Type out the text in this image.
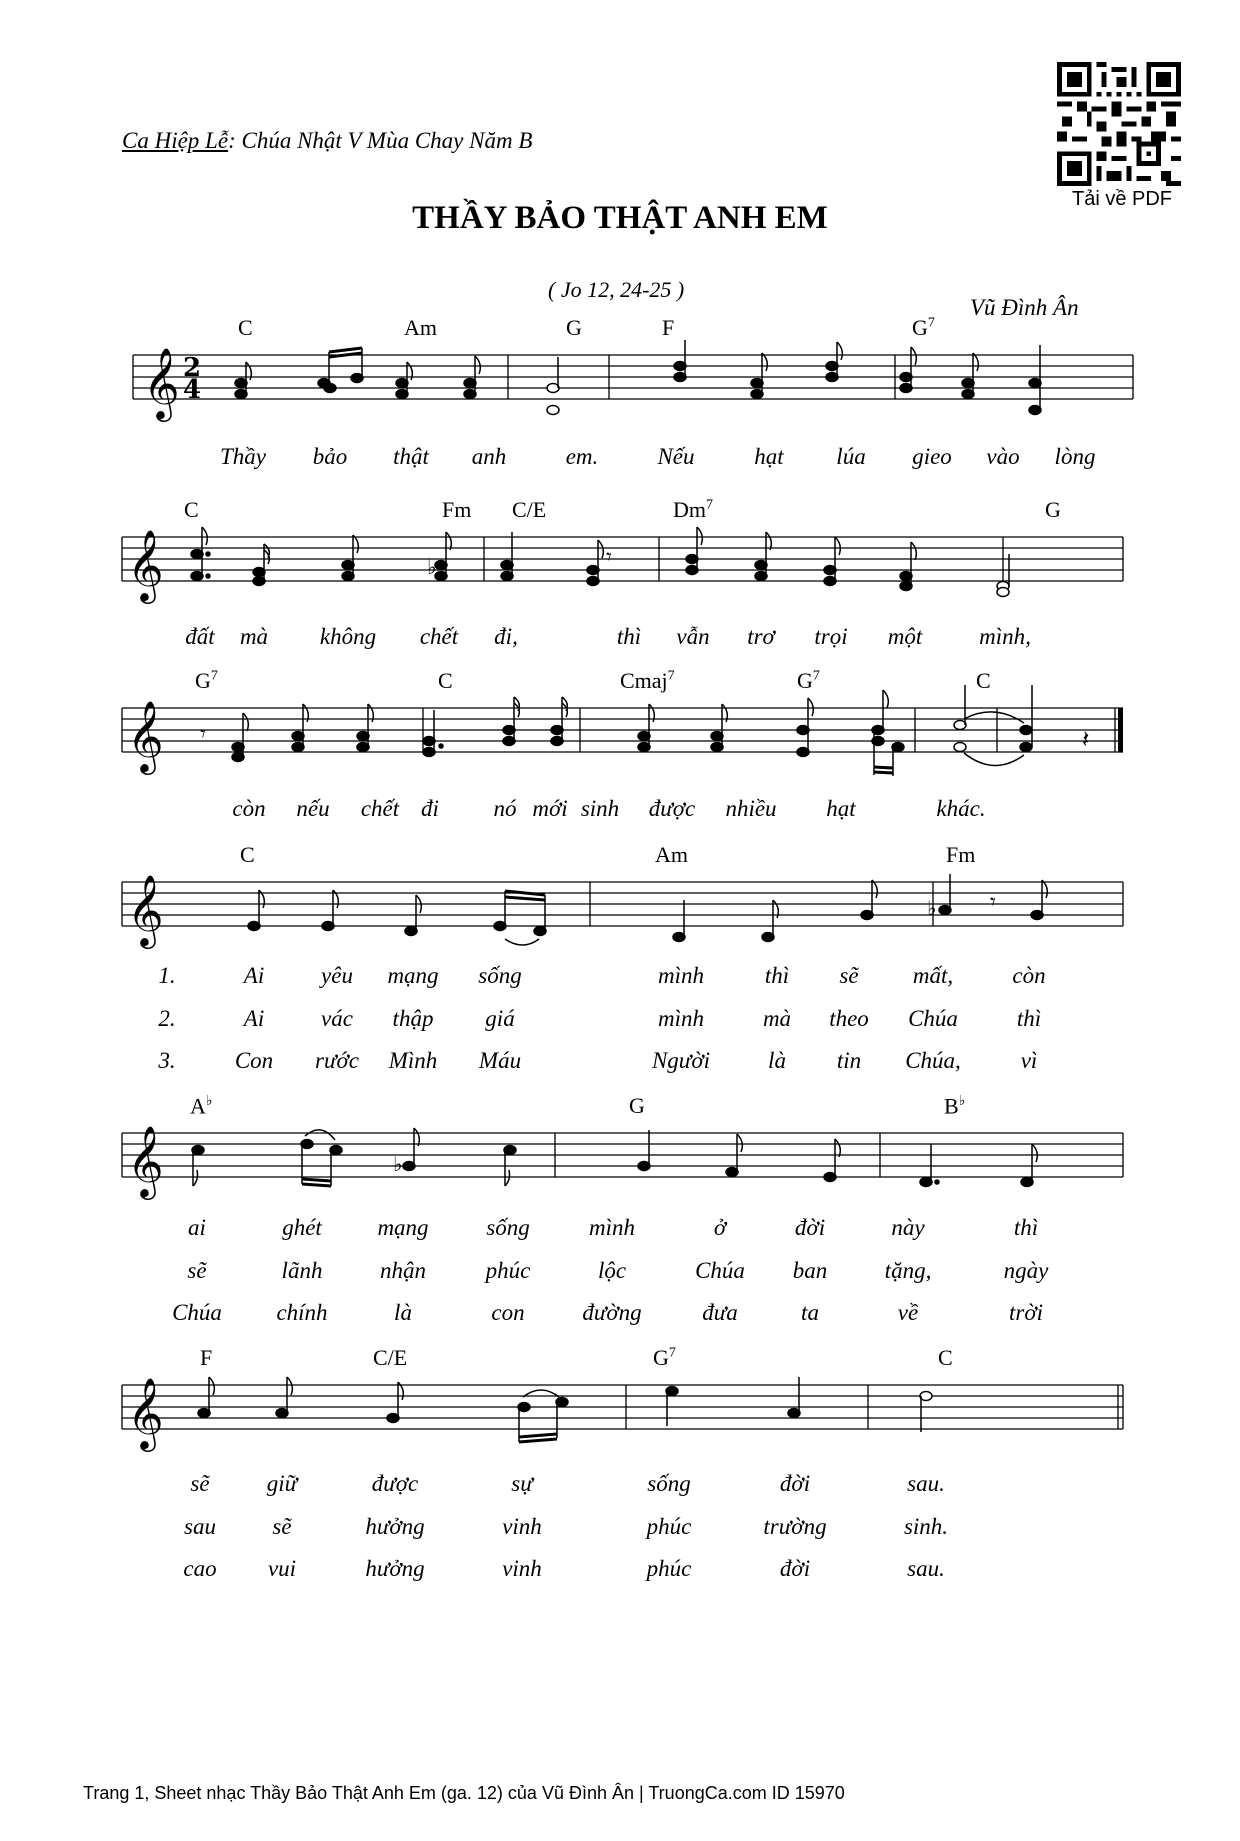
Ca Hiệp Lễ: Chúa Nhật V Mùa Chay Năm B
THẦY BẢO THẬT ANH EM
( Jo 12, 24-25 )
Vũ Đình Ân
Tải về PDF
𝄞 2
4
𝄞	♭	𝄾
𝄞	𝄽
𝄾
𝄞	♭ 𝄾
𝄞	♭
𝄞
C	Am	G	F	$G^7$
Thầy bảo thật anh	em.	Nếu	hạt lúa gieo vào lòng
C	Fm C/E	Dm$^7$	G
đất mà không chết đi,	thì vẫn trơ trọi một mình,
$G^7$	C	Cmaj$^7$	$G^7$	C
còn nếu chết đi nó mới sinh được nhiều hạt	khác.
C	Am	Fm
1.	Ai yêu mạng sống	mình	thì sẽ mất,	còn
2.	Ai vác thập giá	mình	mà theo Chúa	thì
3.	Con rước Mình Máu	Người	là tin Chúa,	vì
A♭	G	B♭
ai	ghét mạng	sống	mình	ở	đời	này	thì
sẽ	lãnh	nhận	phúc	lộc	Chúa ban tặng,	ngày
Chúa chính	là	con	đường	đưa	ta	về	trời
F	C/E	$G^7$	C
sẽ giữ	được	sự	sống	đời	sau.
sau sẽ	hưởng	vinh	phúc	trường	sinh.
cao vui	hưởng	vinh	phúc	đời	sau.
Trang 1, Sheet nhạc Thầy Bảo Thật Anh Em (ga. 12) của Vũ Đình Ân | TruongCa.com ID 15970
